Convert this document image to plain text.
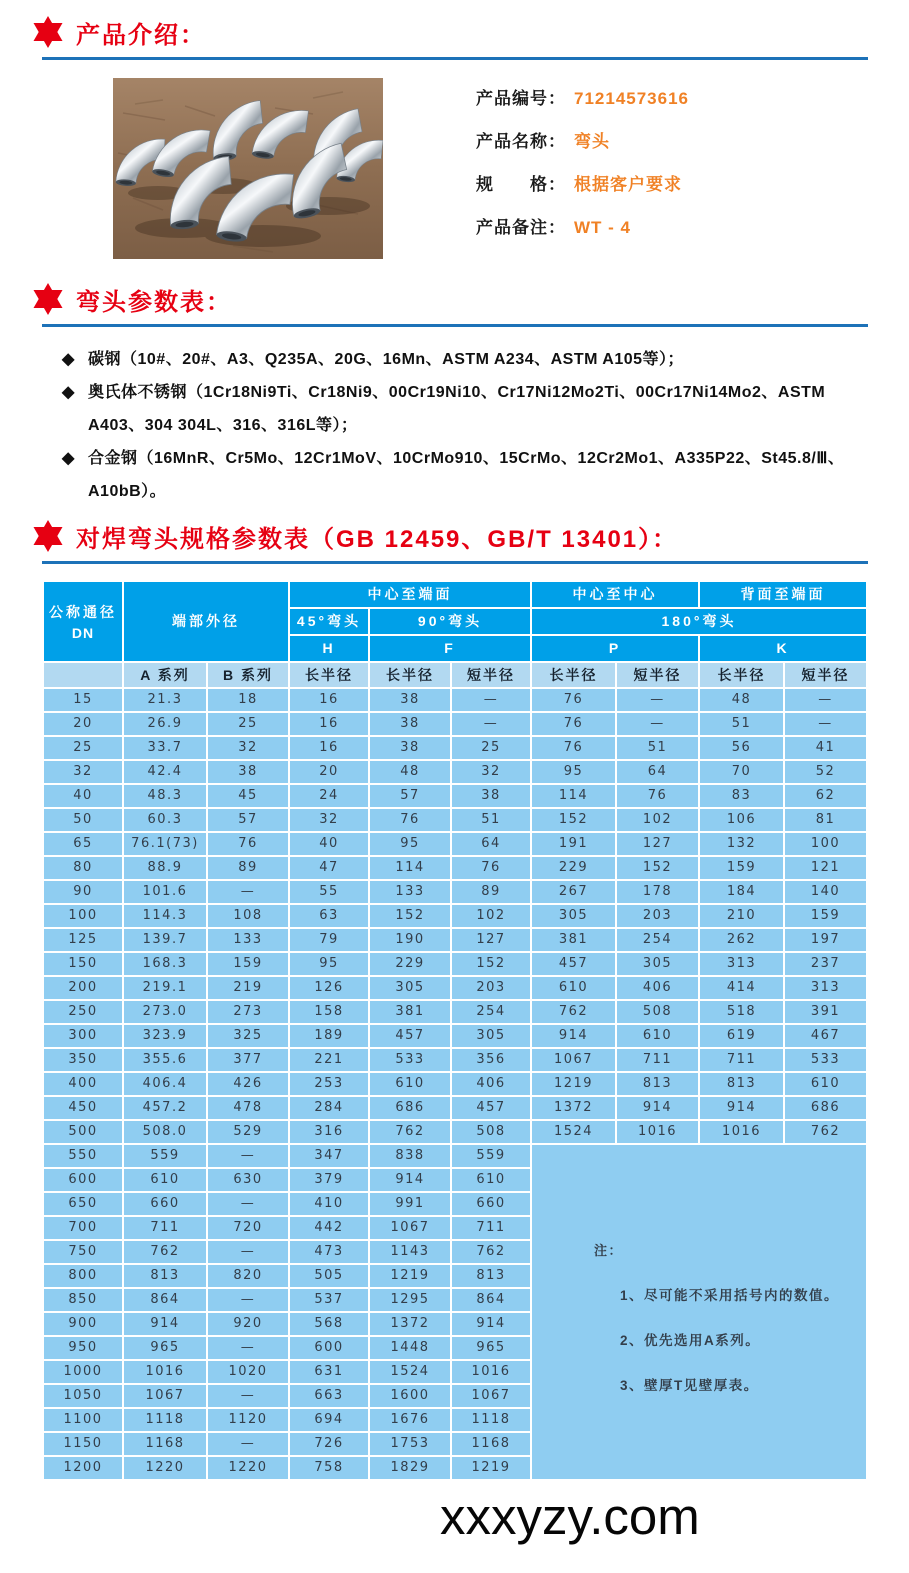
产品介绍：
产品编号： 71214573616
产品名称： 弯头
规　　格： 根据客户要求
产品备注： WT - 4
弯头参数表：
◆ 碳钢（10#、20#、A3、Q235A、20G、16Mn、ASTM A234、ASTM A105等）；
◆ 奥氏体不锈钢（1Cr18Ni9Ti、Cr18Ni9、00Cr19Ni10、Cr17Ni12Mo2Ti、00Cr17Ni14Mo2、ASTM A403、304 304L、316、316L等）；
◆ 合金钢（16MnR、Cr5Mo、12Cr1MoV、10CrMo910、15CrMo、12Cr2Mo1、A335P22、St45.8/Ⅲ、A10bB）。
对焊弯头规格参数表（GB 12459、GB/T 13401）：
公称通径
DN	端部外径		中心至端面			中心至中心		背面至端面	
			45°弯头	90°弯头		180°弯头			
			H	F		P		K	
	A 系列	B 系列	长半径	长半径	短半径	长半径	短半径	长半径	短半径
15	21.3	18	16	38	—	76	—	48	—
20	26.9	25	16	38	—	76	—	51	—
25	33.7	32	16	38	25	76	51	56	41
32	42.4	38	20	48	32	95	64	70	52
40	48.3	45	24	57	38	114	76	83	62
50	60.3	57	32	76	51	152	102	106	81
65	76.1(73)	76	40	95	64	191	127	132	100
80	88.9	89	47	114	76	229	152	159	121
90	101.6	—	55	133	89	267	178	184	140
100	114.3	108	63	152	102	305	203	210	159
125	139.7	133	79	190	127	381	254	262	197
150	168.3	159	95	229	152	457	305	313	237
200	219.1	219	126	305	203	610	406	414	313
250	273.0	273	158	381	254	762	508	518	391
300	323.9	325	189	457	305	914	610	619	467
350	355.6	377	221	533	356	1067	711	711	533
400	406.4	426	253	610	406	1219	813	813	610
450	457.2	478	284	686	457	1372	914	914	686
500	508.0	529	316	762	508	1524	1016	1016	762
550	559	—	347	838	559	注：
1、尽可能不采用括号内的数值。
2、优先选用A系列。
3、壁厚T见壁厚表。			

600	610	630	379	914	610				
650	660	—	410	991	660				
700	711	720	442	1067	711				
750	762	—	473	1143	762				
800	813	820	505	1219	813				
850	864	—	537	1295	864				
900	914	920	568	1372	914				
950	965	—	600	1448	965				
1000	1016	1020	631	1524	1016				
1050	1067	—	663	1600	1067				
1100	1118	1120	694	1676	1118				
1150	1168	—	726	1753	1168				
1200	1220	1220	758	1829	1219				
xxxyzy.com
